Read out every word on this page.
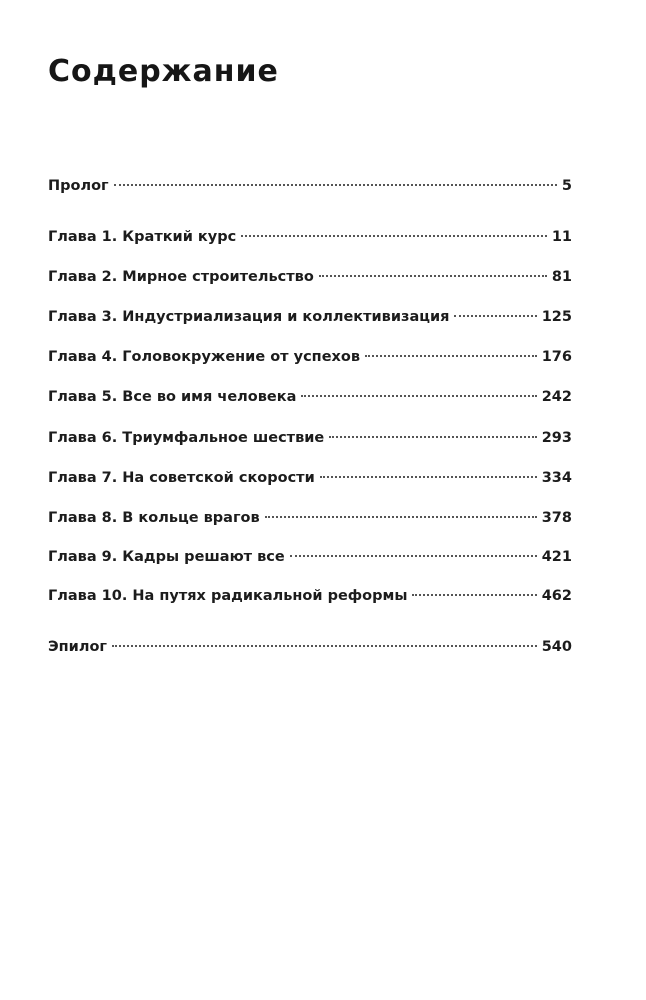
Содержание
Пролог	5
Глава 1. Краткий курс	11
Глава 2. Мирное строительство	81
Глава 3. Индустриализация и коллективизация	125
Глава 4. Головокружение от успехов	176
Глава 5. Все во имя человека	242
Глава 6. Триумфальное шествие	293
Глава 7. На советской скорости	334
Глава 8. В кольце врагов	378
Глава 9. Кадры решают все	421
Глава 10. На путях радикальной реформы	462
Эпилог	540
